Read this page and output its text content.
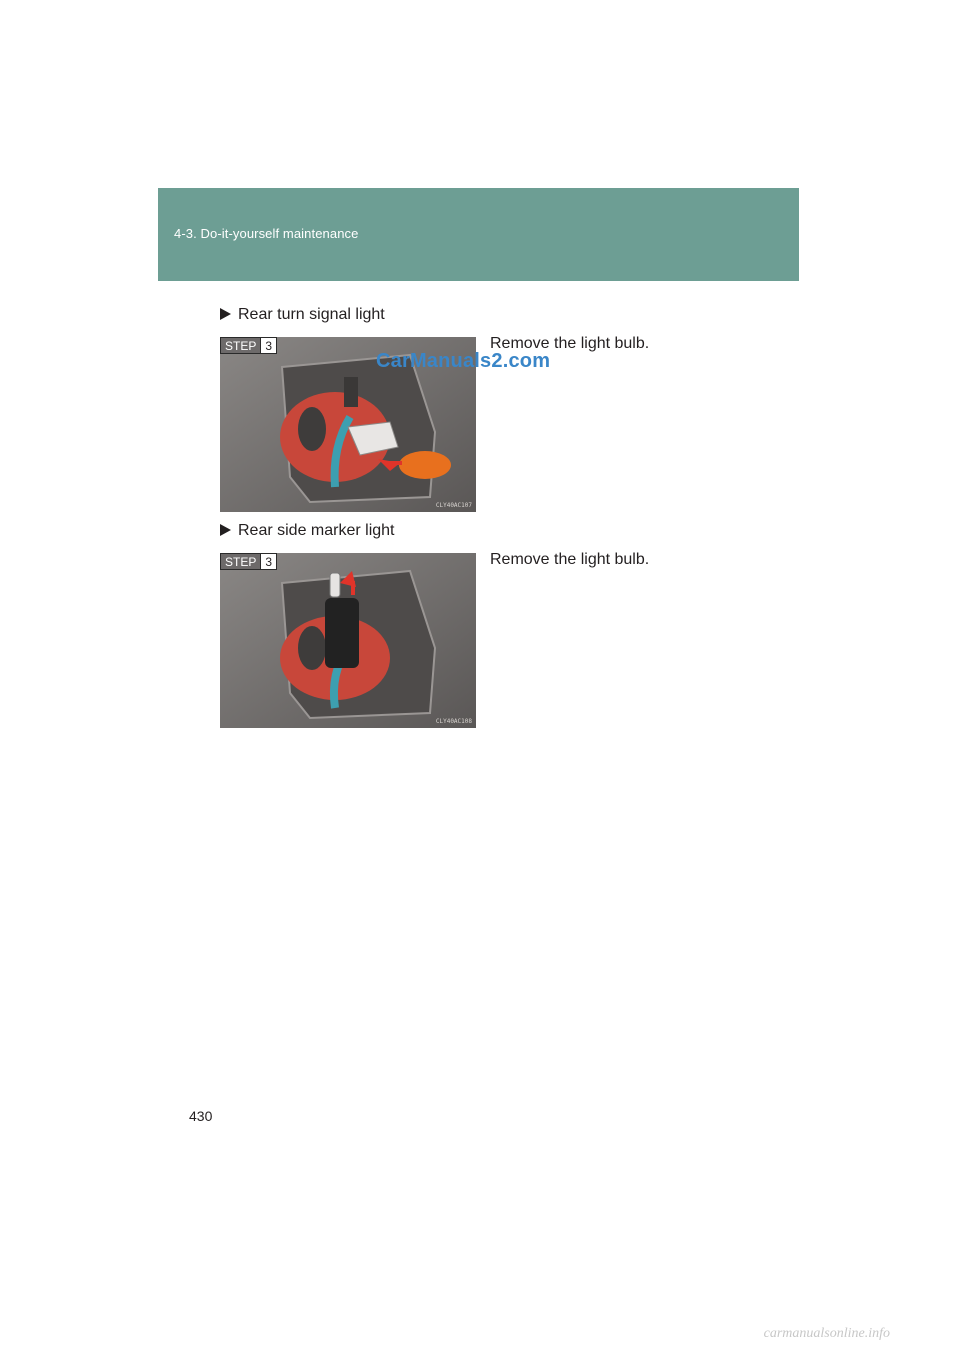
4-3. Do-it-yourself maintenance
Rear turn signal light
STEP 3
CLY40AC107
Remove the light bulb.
CarManuals2.com
Rear side marker light
STEP 3
CLY40AC108
Remove the light bulb.
430
carmanualsonline.info
